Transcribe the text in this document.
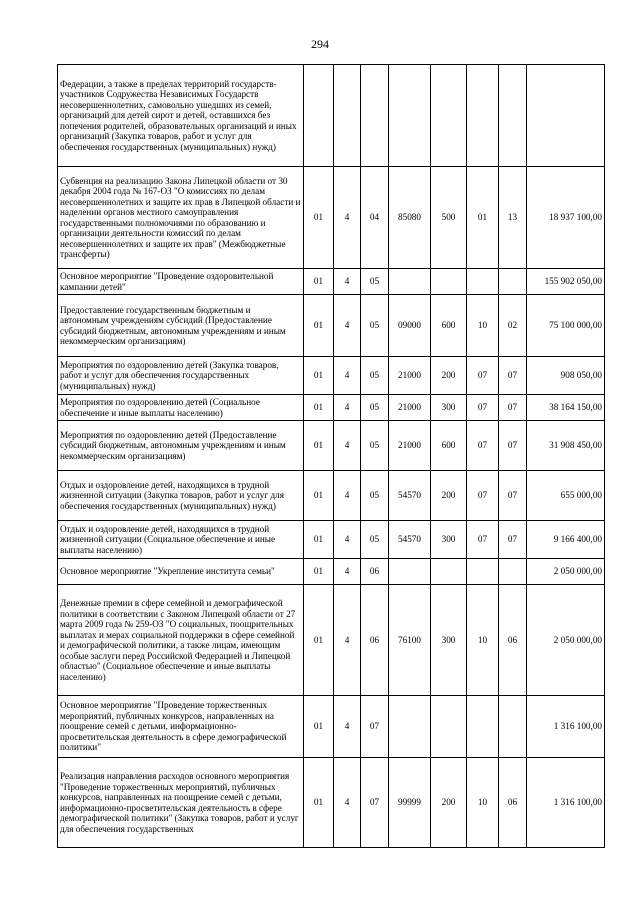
294
Федерации, а также в пределах территорий государств-участников Содружества Независимых Государств несовершеннолетних, самовольно ушедших из семей, организаций для детей сирот и детей, оставшихся без попечения родителей, образовательных организаций и иных организаций (Закупка товаров, работ и услуг для обеспечения государственных (муниципальных) нужд)								
Субвенция на реализацию Закона Липецкой области от 30 декабря 2004 года № 167-ОЗ "О комиссиях по делам несовершеннолетних и защите их прав в Липецкой области и наделении органов местного самоуправления государственными полномочиями по образованию и организации деятельности комиссий по делам несовершеннолетних и защите их прав" (Межбюджетные трансферты)	01	4	04	85080	500	01	13	18 937 100,00
Основное мероприятие "Проведение оздоровительной кампании детей"	01	4	05					155 902 050,00
Предоставление государственным бюджетным и автономным учреждениям субсидий (Предоставление субсидий бюджетным, автономным учреждениям и иным некоммерческим организациям)	01	4	05	09000	600	10	02	75 100 000,00
Мероприятия по оздоровлению детей (Закупка товаров, работ и услуг для обеспечения государственных (муниципальных) нужд)	01	4	05	21000	200	07	07	908 050,00
Мероприятия по оздоровлению детей (Социальное обеспечение и иные выплаты населению)	01	4	05	21000	300	07	07	38 164 150,00
Мероприятия по оздоровлению детей (Предоставление субсидий бюджетным, автономным учреждениям и иным некоммерческим организациям)	01	4	05	21000	600	07	07	31 908 450,00
Отдых и оздоровление детей, находящихся в трудной жизненной ситуации (Закупка товаров, работ и услуг для обеспечения государственных (муниципальных) нужд)	01	4	05	54570	200	07	07	655 000,00
Отдых и оздоровление детей, находящихся в трудной жизненной ситуации (Социальное обеспечение и иные выплаты населению)	01	4	05	54570	300	07	07	9 166 400,00
Основное мероприятие "Укрепление института семьи"	01	4	06					2 050 000,00
Денежные премии в сфере семейной и демографической политики в соответствии с Законом Липецкой области от 27 марта 2009 года № 259-ОЗ "О социальных, поощрительных выплатах и мерах социальной поддержки в сфере семейной и демографической политики, а также лицам, имеющим особые заслуги перед Российской Федерацией и Липецкой областью" (Социальное обеспечение и иные выплаты населению)	01	4	06	76100	300	10	06	2 050 000,00
Основное мероприятие "Проведение торжественных мероприятий, публичных конкурсов, направленных на поощрение семей с детьми, информационно-просветительская деятельность в сфере демографической политики"	01	4	07					1 316 100,00
Реализация направления расходов основного мероприятия "Проведение торжественных мероприятий, публичных конкурсов, направленных на поощрение семей с детьми, информационно-просветительская деятельность в сфере демографической политики" (Закупка товаров, работ и услуг для обеспечения государственных	01	4	07	99999	200	10	06	1 316 100,00
